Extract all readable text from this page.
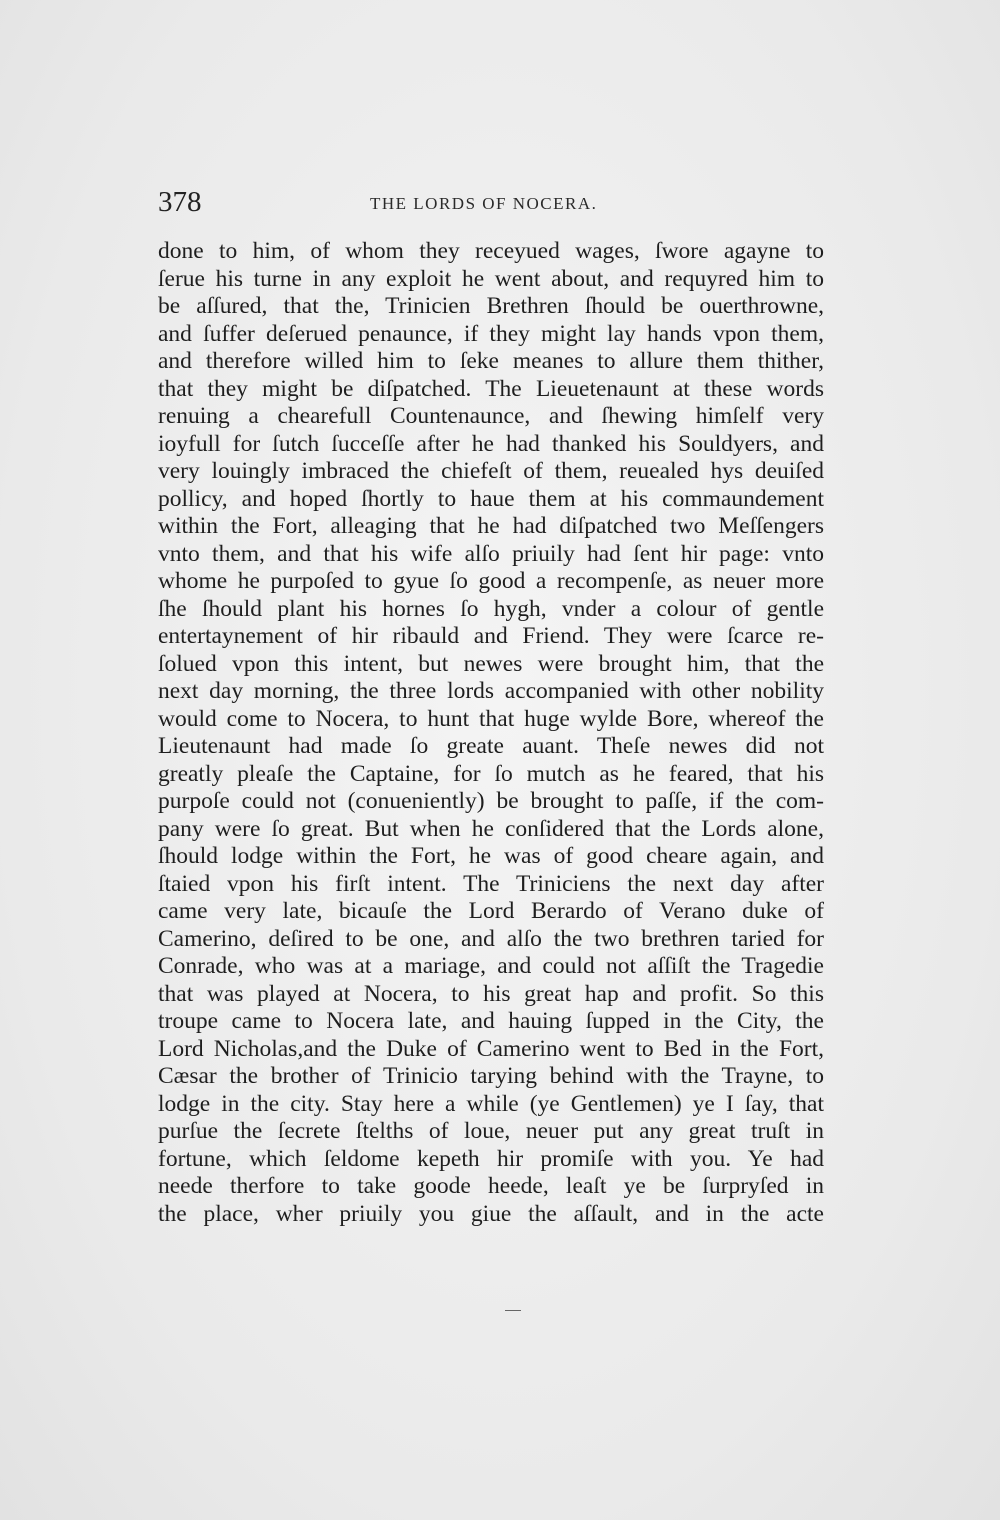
378	THE LORDS OF NOCERA.
done to him, of whom they receyued wages, ſwore agayne to
ſerue his turne in any exploit he went about, and requyred him to
be aſſured, that the, Trinicien Brethren ſhould be ouerthrowne,
and ſuffer deſerued penaunce, if they might lay hands vpon them,
and therefore willed him to ſeke meanes to allure them thither,
that they might be diſpatched. The Lieuetenaunt at these words
renuing a chearefull Countenaunce, and ſhewing himſelf very
ioyfull for ſutch ſucceſſe after he had thanked his Souldyers, and
very louingly imbraced the chiefeſt of them, reuealed hys deuiſed
pollicy, and hoped ſhortly to haue them at his commaundement
within the Fort, alleaging that he had diſpatched two Meſſengers
vnto them, and that his wife alſo priuily had ſent hir page: vnto
whome he purpoſed to gyue ſo good a recompenſe, as neuer more
ſhe ſhould plant his hornes ſo hygh, vnder a colour of gentle
entertaynement of hir ribauld and Friend. They were ſcarce re-
ſolued vpon this intent, but newes were brought him, that the
next day morning, the three lords accompanied with other nobility
would come to Nocera, to hunt that huge wylde Bore, whereof the
Lieutenaunt had made ſo greate auant. Theſe newes did not
greatly pleaſe the Captaine, for ſo mutch as he feared, that his
purpoſe could not (conueniently) be brought to paſſe, if the com-
pany were ſo great. But when he conſidered that the Lords alone,
ſhould lodge within the Fort, he was of good cheare again, and
ſtaied vpon his firſt intent. The Triniciens the next day after
came very late, bicauſe the Lord Berardo of Verano duke of
Camerino, deſired to be one, and alſo the two brethren taried for
Conrade, who was at a mariage, and could not aſſiſt the Tragedie
that was played at Nocera, to his great hap and profit. So this
troupe came to Nocera late, and hauing ſupped in the City, the
Lord Nicholas,and the Duke of Camerino went to Bed in the Fort,
Cæsar the brother of Trinicio tarying behind with the Trayne, to
lodge in the city. Stay here a while (ye Gentlemen) ye I ſay, that
purſue the ſecrete ſtelths of loue, neuer put any great truſt in
fortune, which ſeldome kepeth hir promiſe with you. Ye had
neede therfore to take goode heede, leaſt ye be ſurpryſed in
the place, wher priuily you giue the aſſault, and in the acte
